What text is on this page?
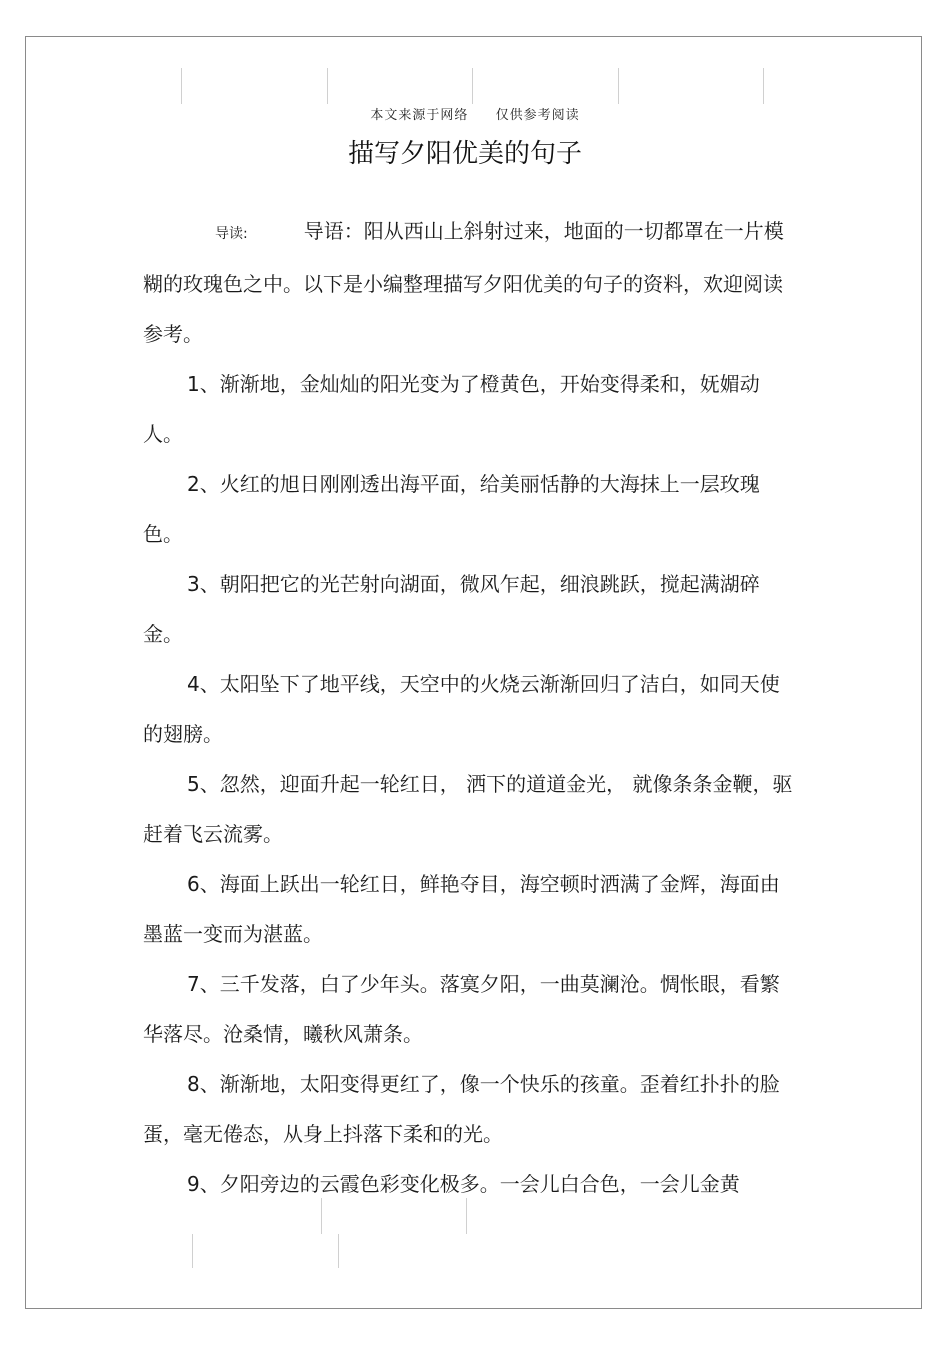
本文来源于网络 仅供参考阅读
描写夕阳优美的句子

导读:	导语：阳从西山上斜射过来，地面的一切都罩在一片模糊的玫瑰色之中。以下是小编整理描写夕阳优美的句子的资料，欢迎阅读参考。

1、渐渐地，金灿灿的阳光变为了橙黄色，开始变得柔和，妩媚动人。

2、火红的旭日刚刚透出海平面，给美丽恬静的大海抹上一层玫瑰色。

3、朝阳把它的光芒射向湖面，微风乍起，细浪跳跃，搅起满湖碎金。

4、太阳坠下了地平线，天空中的火烧云渐渐回归了洁白，如同天使的翅膀。

5、忽然，迎面升起一轮红日， 洒下的道道金光， 就像条条金鞭，驱赶着飞云流雾。

6、海面上跃出一轮红日，鲜艳夺目，海空顿时洒满了金辉，海面由墨蓝一变而为湛蓝。

7、三千发落，白了少年头。落寞夕阳，一曲莫澜沧。惆怅眼，看繁华落尽。沧桑情，曦秋风萧条。

8、渐渐地，太阳变得更红了，像一个快乐的孩童。歪着红扑扑的脸蛋，毫无倦态，从身上抖落下柔和的光。

9、夕阳旁边的云霞色彩变化极多。一会儿白合色，一会儿金黄
